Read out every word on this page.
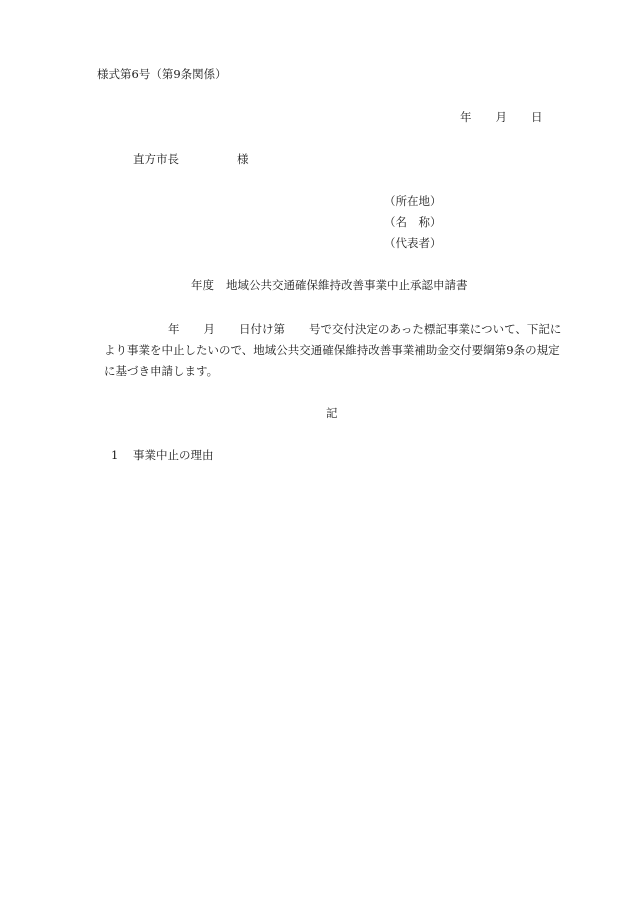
様式第6号（第9条関係）
年 月 日
直方市長	様
（所在地）
（名　称）
（代表者）
年度 地域公共交通確保維持改善事業中止承認申請書
年 月 日付け第 号で交付決定のあった標記事業について、下記に
より事業を中止したいので、地域公共交通確保維持改善事業補助金交付要綱第9条の規定
に基づき申請します。
記
1 事業中止の理由
